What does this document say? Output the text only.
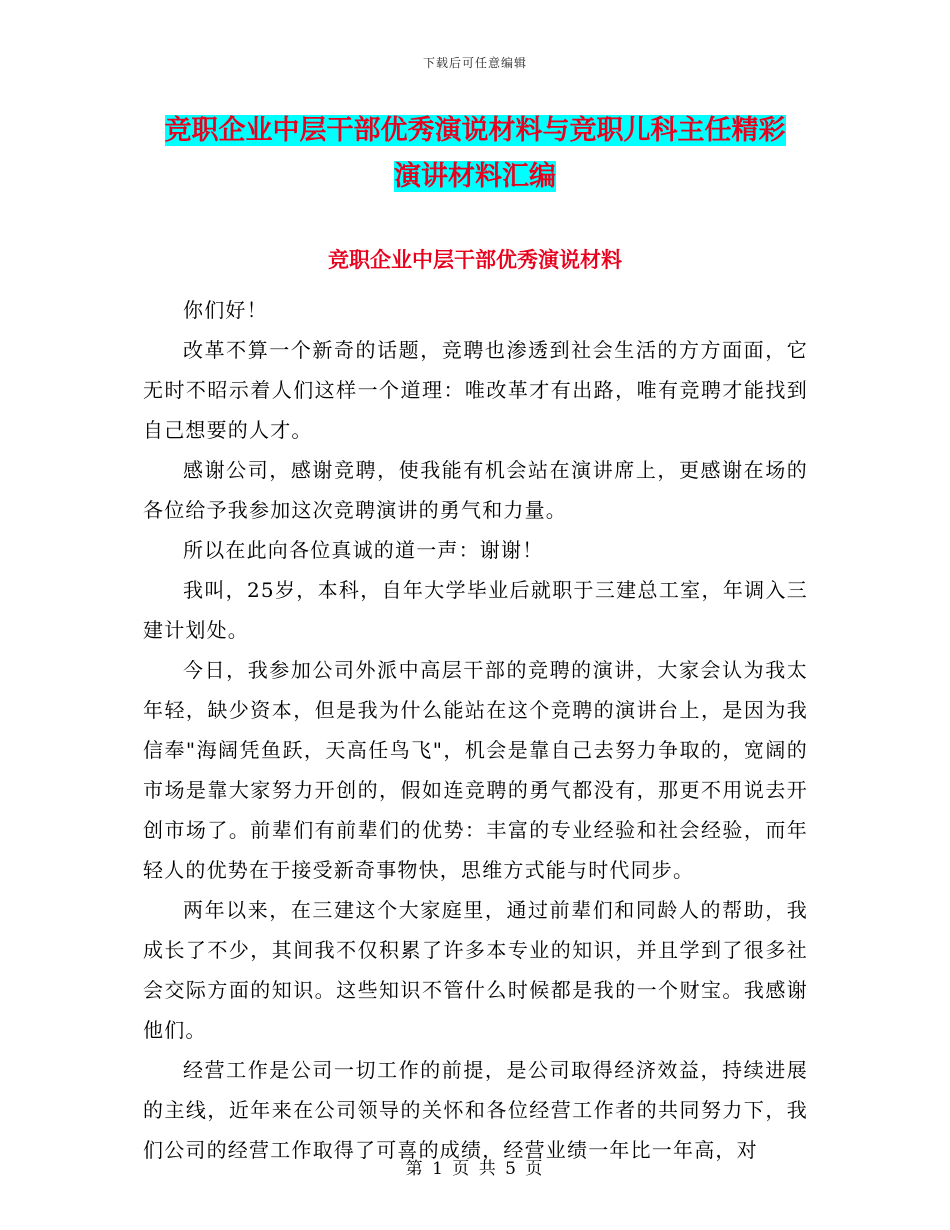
下载后可任意编辑
竞职企业中层干部优秀演说材料与竞职儿科主任精彩
演讲材料汇编
竞职企业中层干部优秀演说材料

你们好！

改革不算一个新奇的话题，竞聘也渗透到社会生活的方方面面，它无时不昭示着人们这样一个道理：唯改革才有出路，唯有竞聘才能找到自己想要的人才。

感谢公司，感谢竞聘，使我能有机会站在演讲席上，更感谢在场的各位给予我参加这次竞聘演讲的勇气和力量。

所以在此向各位真诚的道一声：谢谢！

我叫，25岁，本科，自年大学毕业后就职于三建总工室，年调入三建计划处。

今日，我参加公司外派中高层干部的竞聘的演讲，大家会认为我太年轻，缺少资本，但是我为什么能站在这个竞聘的演讲台上，是因为我信奉"海阔凭鱼跃，天高任鸟飞"，机会是靠自己去努力争取的，宽阔的市场是靠大家努力开创的，假如连竞聘的勇气都没有，那更不用说去开创市场了。前辈们有前辈们的优势：丰富的专业经验和社会经验，而年轻人的优势在于接受新奇事物快，思维方式能与时代同步。

两年以来，在三建这个大家庭里，通过前辈们和同龄人的帮助，我成长了不少，其间我不仅积累了许多本专业的知识，并且学到了很多社会交际方面的知识。这些知识不管什么时候都是我的一个财宝。我感谢他们。

经营工作是公司一切工作的前提，是公司取得经济效益，持续进展的主线，近年来在公司领导的关怀和各位经营工作者的共同努力下，我们公司的经营工作取得了可喜的成绩，经营业绩一年比一年高，对

第 1 页 共 5 页
